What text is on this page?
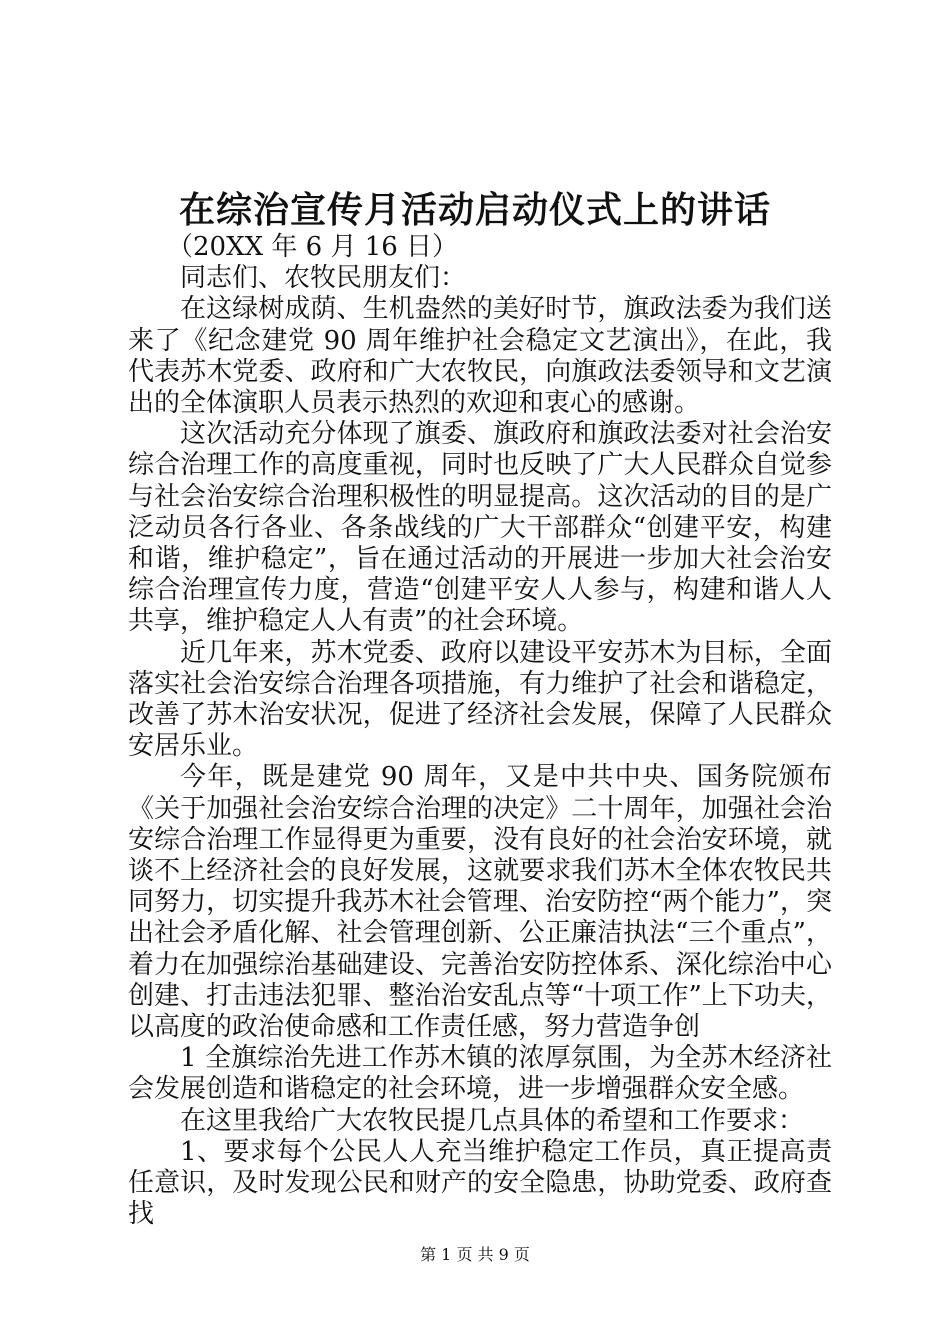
在综治宣传月活动启动仪式上的讲话

（20XX 年 6 月 16 日）

同志们、农牧民朋友们：

在这绿树成荫、生机盎然的美好时节，旗政法委为我们送来了《纪念建党 90 周年维护社会稳定文艺演出》，在此，我代表苏木党委、政府和广大农牧民，向旗政法委领导和文艺演出的全体演职人员表示热烈的欢迎和衷心的感谢。

这次活动充分体现了旗委、旗政府和旗政法委对社会治安综合治理工作的高度重视，同时也反映了广大人民群众自觉参与社会治安综合治理积极性的明显提高。这次活动的目的是广泛动员各行各业、各条战线的广大干部群众“创建平安，构建和谐，维护稳定”，旨在通过活动的开展进一步加大社会治安综合治理宣传力度，营造“创建平安人人参与，构建和谐人人共享，维护稳定人人有责”的社会环境。

近几年来，苏木党委、政府以建设平安苏木为目标，全面落实社会治安综合治理各项措施，有力维护了社会和谐稳定，改善了苏木治安状况，促进了经济社会发展，保障了人民群众安居乐业。

今年，既是建党 90 周年，又是中共中央、国务院颁布《关于加强社会治安综合治理的决定》二十周年，加强社会治安综合治理工作显得更为重要，没有良好的社会治安环境，就谈不上经济社会的良好发展，这就要求我们苏木全体农牧民共同努力，切实提升我苏木社会管理、治安防控“两个能力”，突出社会矛盾化解、社会管理创新、公正廉洁执法“三个重点”，着力在加强综治基础建设、完善治安防控体系、深化综治中心创建、打击违法犯罪、整治治安乱点等“十项工作”上下功夫，以高度的政治使命感和工作责任感，努力营造争创

1 全旗综治先进工作苏木镇的浓厚氛围，为全苏木经济社会发展创造和谐稳定的社会环境，进一步增强群众安全感。

在这里我给广大农牧民提几点具体的希望和工作要求：

1、要求每个公民人人充当维护稳定工作员，真正提高责任意识，及时发现公民和财产的安全隐患，协助党委、政府查找

第 1 页 共 9 页
